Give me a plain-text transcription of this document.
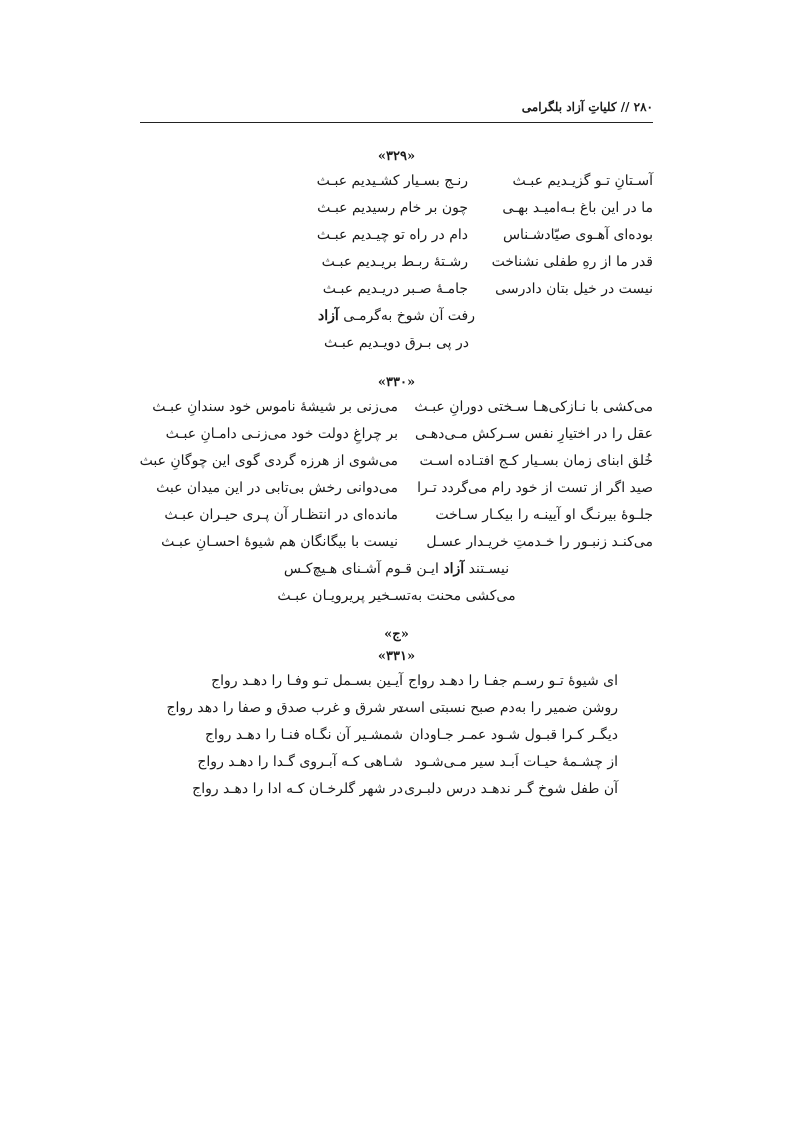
۲۸۰ // کلیاتِ آزاد بلگرامی
«۳۲۹»
آسـتانِ تـو گزیـدیم عبـث
رنـج بسـیار کشـیدیم عبـث
ما در این باغ بـه‌امیـد بهـی
چون بر خام رسیدیم عبـث
بوده‌ای آهـوی صیّادشـناس
دام در راه تو چیـدیم عبـث
قدر ما از رهِ طفلی نشناخت
رشـتهٔ ربـط بریـدیم عبـث
نیست در خیل بتان دادرسی
جامـهٔ صـبر دریـدیم عبـث
رفت آن شوخ به‌گرمـی آزاد
در پی بـرق دویـدیم عبـث
«۳۳۰»
می‌کشی با نـازکی‌هـا سـختی دورانِ عبـث
می‌زنی بر شیشهٔ ناموس خود سندانِ عبـث
عقل را در اختیارِ نفس سـرکش مـی‌دهـی
بر چراغِ دولت خود می‌زنـی دامـانِ عبـث
خُلق ابنای زمان بسـیار کـج افتـاده اسـت
می‌شوی از هرزه گردی گوی این چوگانِ عبث
صید اگر از تست از خود رام می‌گردد تـرا
می‌دوانی رخش بی‌تابی در این میدان عبث
جلـوهٔ بیرنـگ او آیینـه را بیکـار سـاخت
مانده‌ای در انتظـار آن پـری حیـران عبـث
می‌کنـد زنبـور را خـدمتِ خریـدار عسـل
نیست با بیگانگان هم شیوهٔ احسـانِ عبـث
نیسـتند آزاد ایـن قـوم آشـنای هـیچ‌کـس
می‌کشی محنت به‌تسـخیر پریرویـان عبـث
«ج»
«۳۳۱»
ای شیوهٔ تـو رسـم جفـا را دهـد رواج
آیـین بسـمل تـو وفـا را دهـد رواج
روشن ضمیر را به‌دم صبح نسبتی است
در شرق و غرب صدق و صفا را دهد رواج
دیگـر کـرا قبـول شـود عمـر جـاودان
شمشـیر آن نگـاه فنـا را دهـد رواج
از چشـمهٔ حیـات اَبـد سیر مـی‌شـود
شـاهی کـه آبـروی گـدا را دهـد رواج
آن طفل شوخ گـر ندهـد درس دلبـری
در شهر گلرخـان کـه ادا را دهـد رواج
